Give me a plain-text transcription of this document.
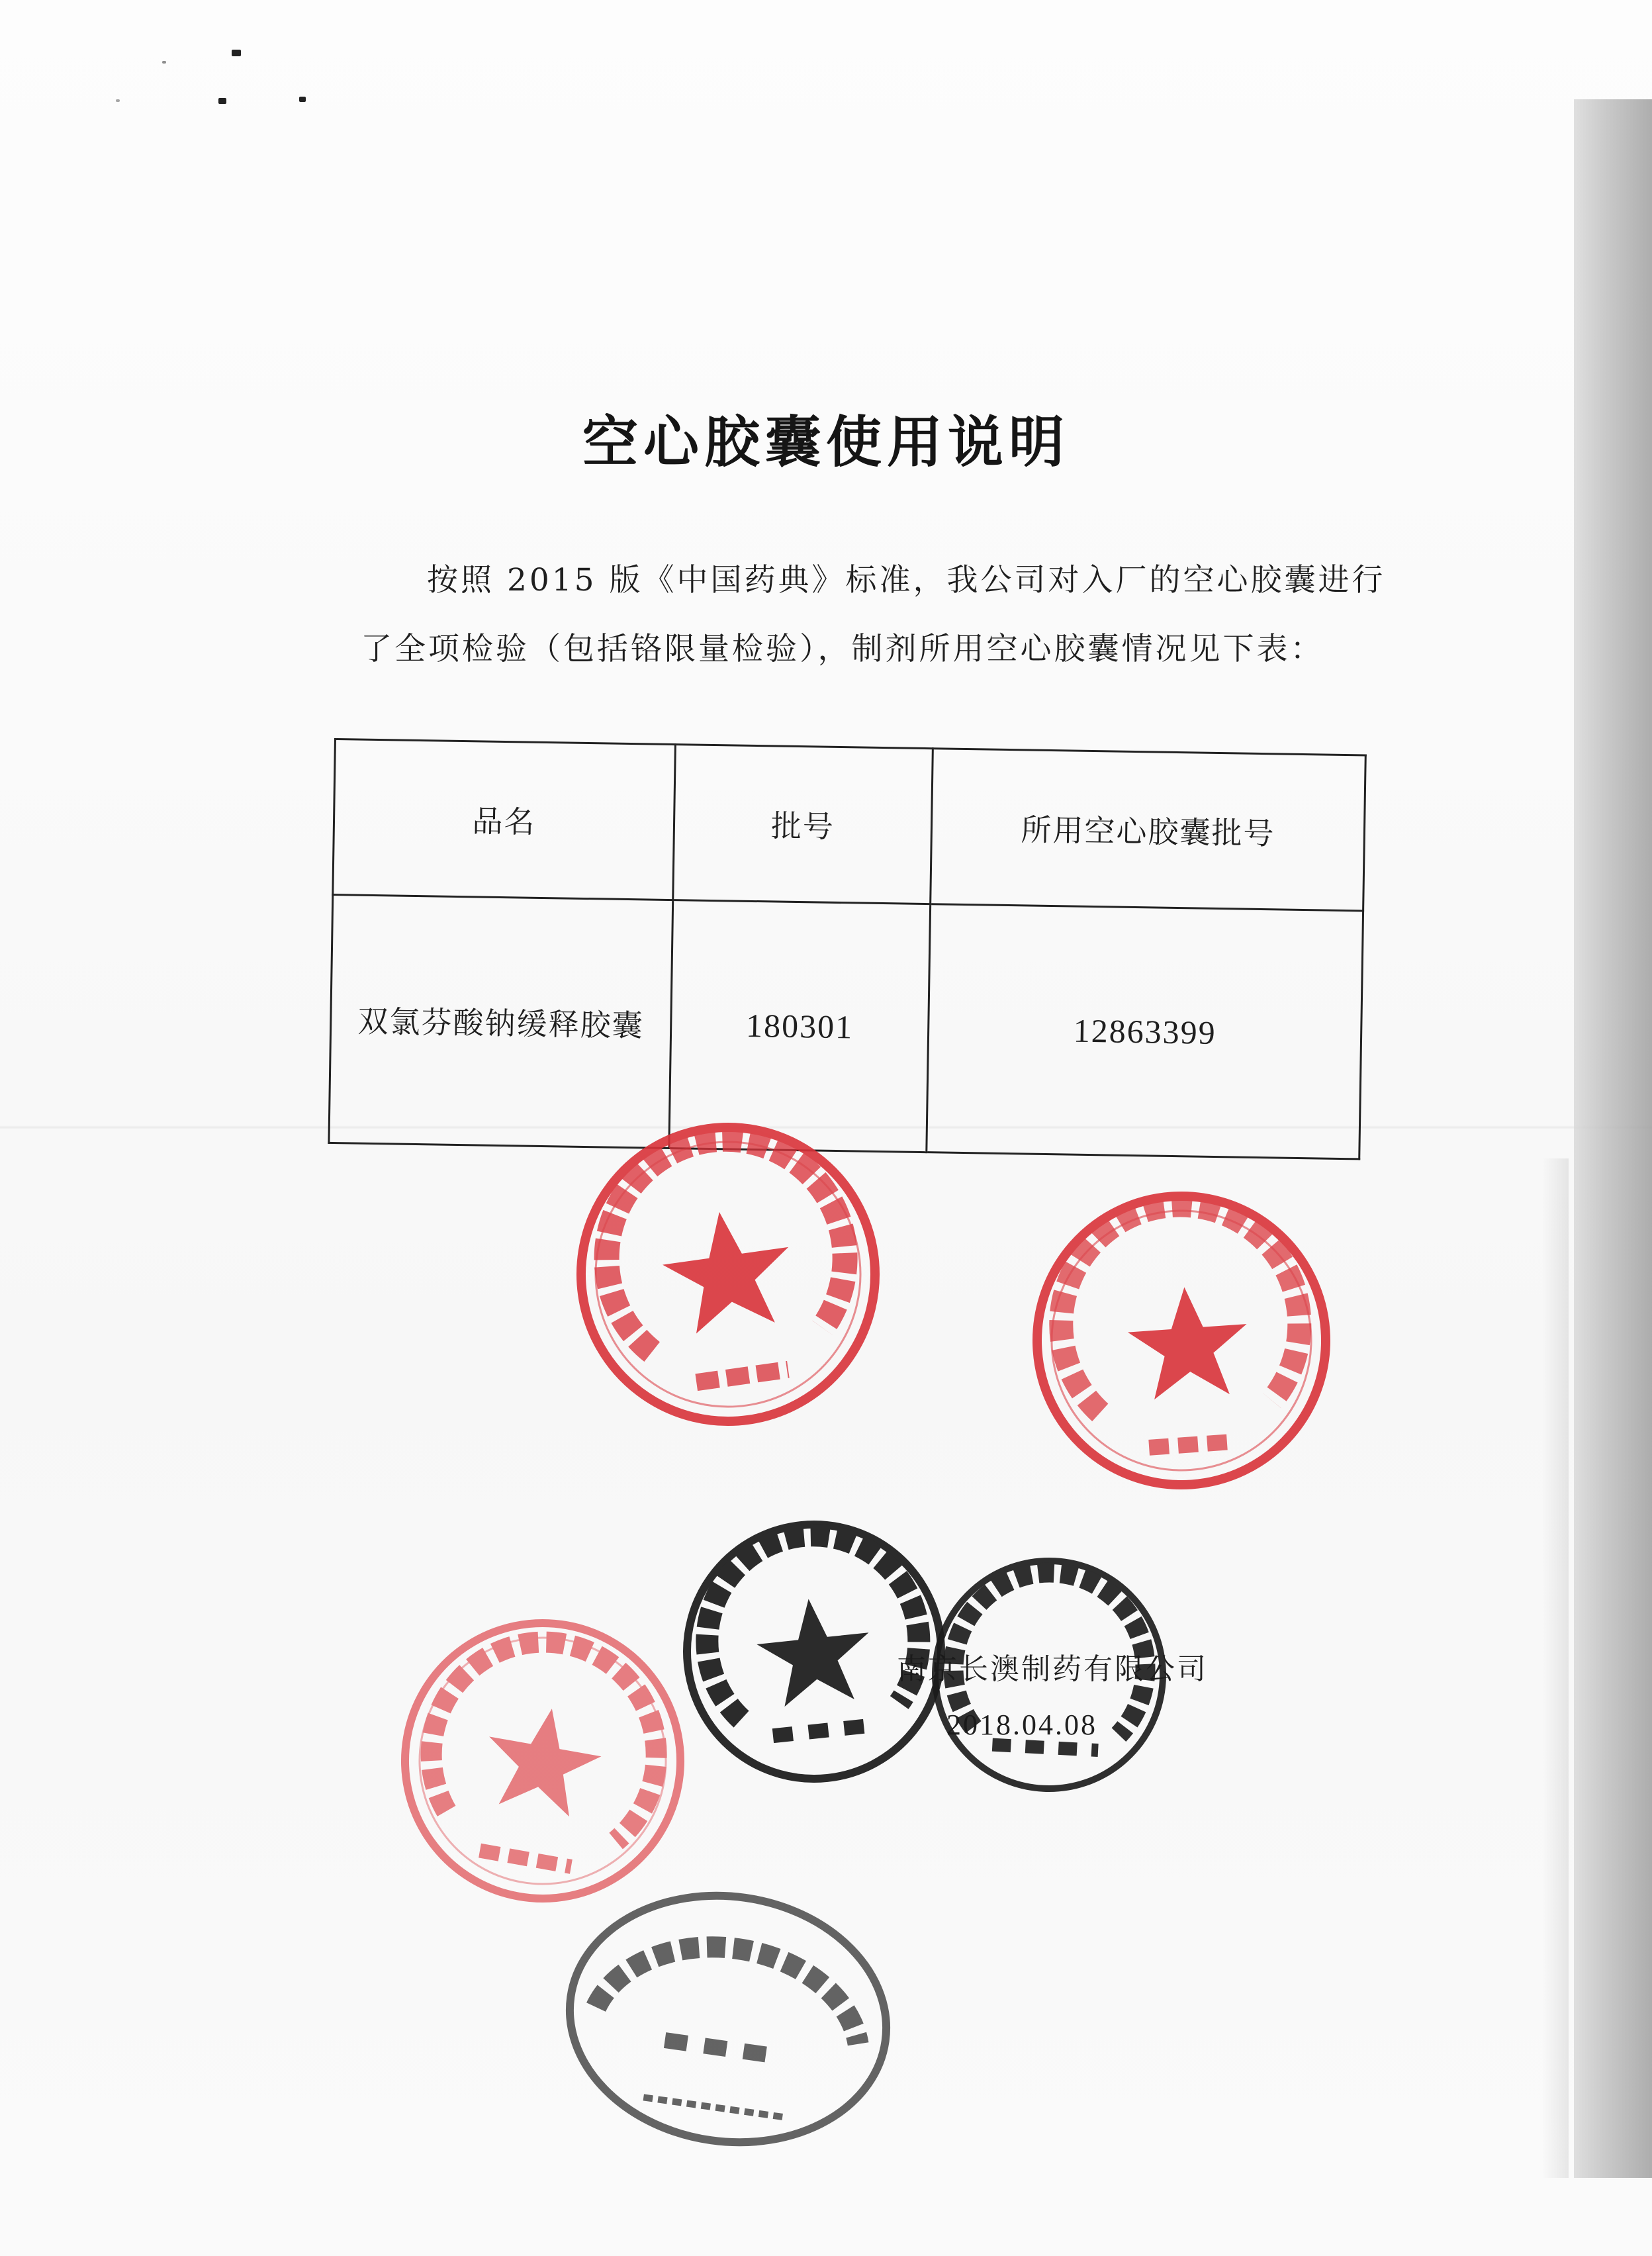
空心胶囊使用说明
按照 2015 版《中国药典》标准，我公司对入厂的空心胶囊进行
了全项检验（包括铬限量检验），制剂所用空心胶囊情况见下表：
品名	批号	所用空心胶囊批号
双氯芬酸钠缓释胶囊	180301	12863399
南京长澳制药有限公司
2018.04.08
